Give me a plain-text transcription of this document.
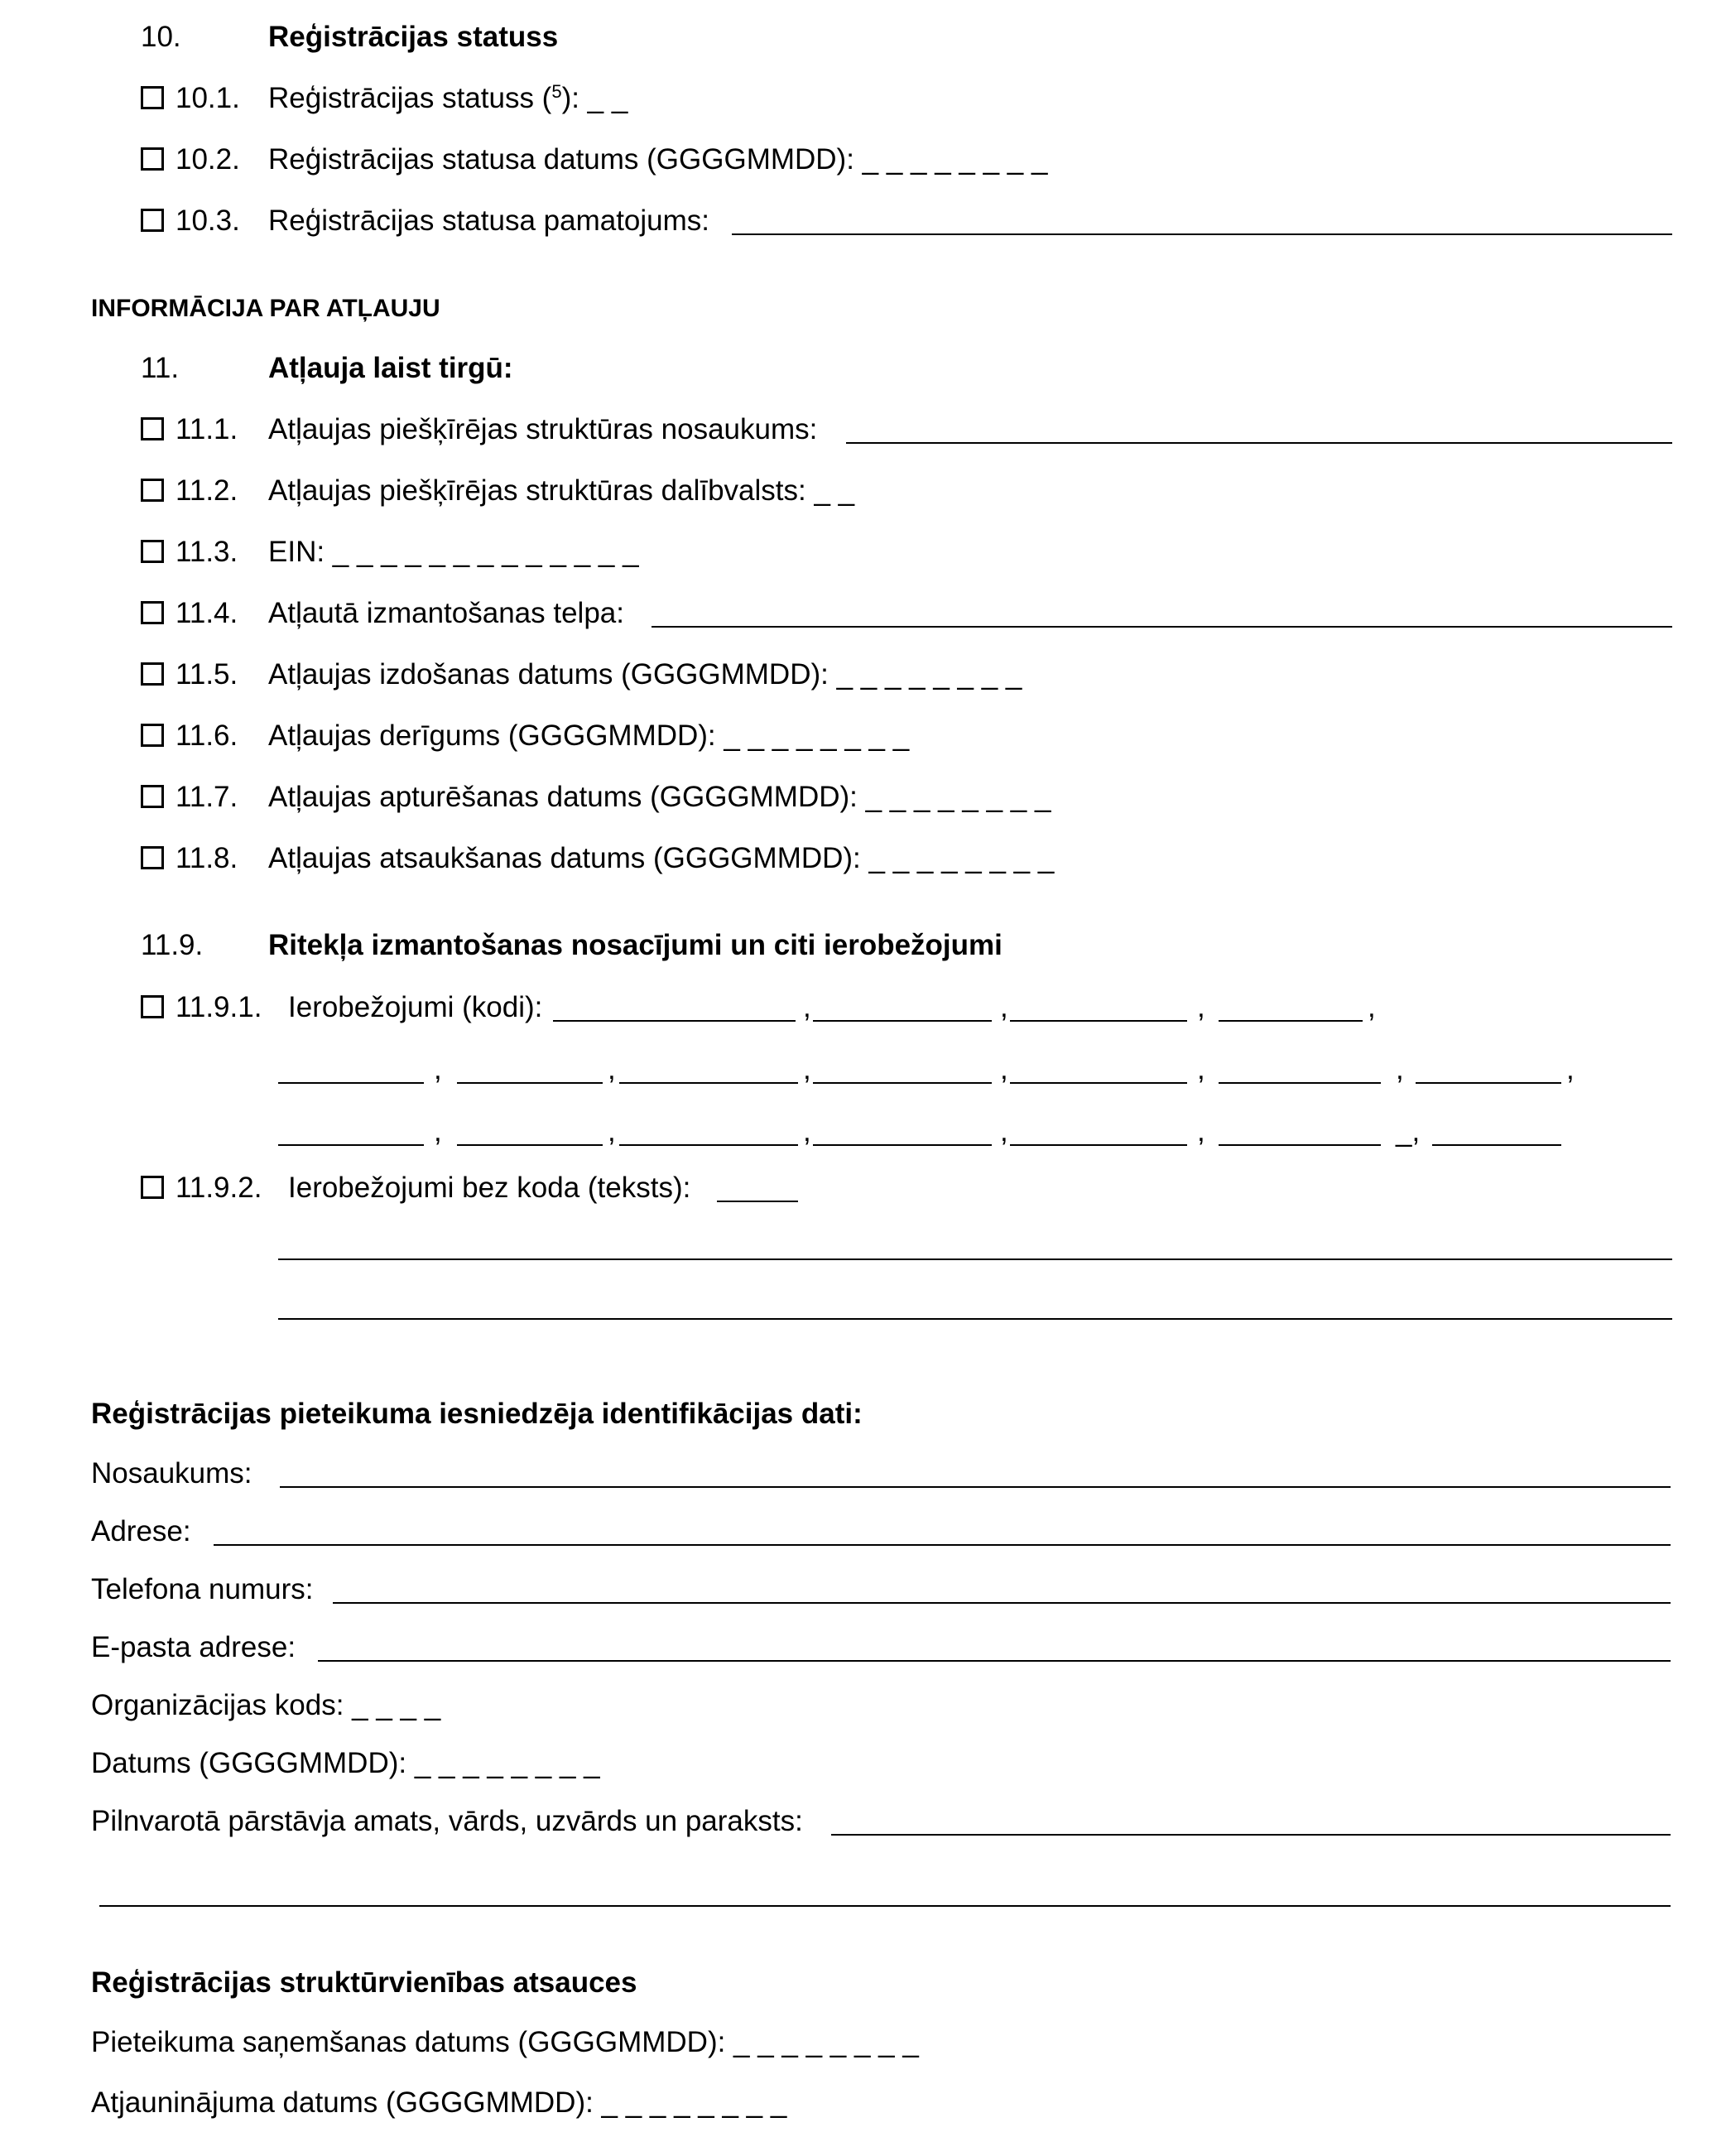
10.	Reģistrācijas statuss
10.1. Reģistrācijas statuss ($^5$): _ _
10.2. Reģistrācijas statusa datums (GGGGMMDD): _ _ _ _ _ _ _ _
10.3. Reģistrācijas statusa pamatojums:
INFORMĀCIJA PAR ATĻAUJU
11.	Atļauja laist tirgū:
11.1. Atļaujas piešķīrējas struktūras nosaukums:
11.2. Atļaujas piešķīrējas struktūras dalībvalsts: _ _
11.3. EIN: _ _ _ _ _ _ _ _ _ _ _ _ _
11.4. Atļautā izmantošanas telpa:
11.5. Atļaujas izdošanas datums (GGGGMMDD): _ _ _ _ _ _ _ _
11.6. Atļaujas derīgums (GGGGMMDD): _ _ _ _ _ _ _ _
11.7. Atļaujas apturēšanas datums (GGGGMMDD): _ _ _ _ _ _ _ _
11.8. Atļaujas atsaukšanas datums (GGGGMMDD): _ _ _ _ _ _ _ _
11.9. Ritekļa izmantošanas nosacījumi un citi ierobežojumi
11.9.1. Ierobežojumi (kodi):	,	,	,	,
,	,	,	,	,	,	,
,	,	,	,	,	_,
11.9.2. Ierobežojumi bez koda (teksts):
Reģistrācijas pieteikuma iesniedzēja identifikācijas dati:
Nosaukums:
Adrese:
Telefona numurs:
E-pasta adrese:
Organizācijas kods: _ _ _ _
Datums (GGGGMMDD): _ _ _ _ _ _ _ _
Pilnvarotā pārstāvja amats, vārds, uzvārds un paraksts:
Reģistrācijas struktūrvienības atsauces
Pieteikuma saņemšanas datums (GGGGMMDD): _ _ _ _ _ _ _ _
Atjauninājuma datums (GGGGMMDD): _ _ _ _ _ _ _ _
